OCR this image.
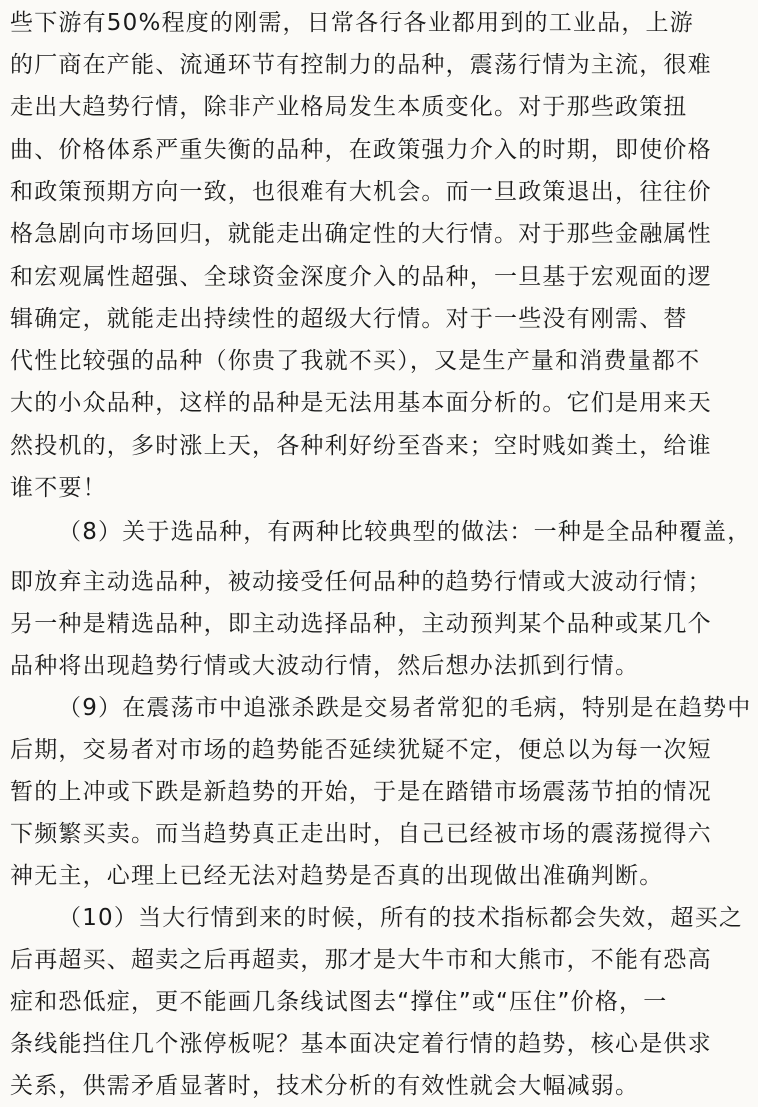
些下游有50%程度的刚需，日常各行各业都用到的工业品，上游
的厂商在产能、流通环节有控制力的品种，震荡行情为主流，很难
走出大趋势行情，除非产业格局发生本质变化。对于那些政策扭
曲、价格体系严重失衡的品种，在政策强力介入的时期，即使价格
和政策预期方向一致，也很难有大机会。而一旦政策退出，往往价
格急剧向市场回归，就能走出确定性的大行情。对于那些金融属性
和宏观属性超强、全球资金深度介入的品种，一旦基于宏观面的逻
辑确定，就能走出持续性的超级大行情。对于一些没有刚需、替
代性比较强的品种（你贵了我就不买），又是生产量和消费量都不
大的小众品种，这样的品种是无法用基本面分析的。它们是用来天
然投机的，多时涨上天，各种利好纷至沓来；空时贱如粪土，给谁
谁不要！
（8）关于选品种，有两种比较典型的做法：一种是全品种覆盖，
即放弃主动选品种，被动接受任何品种的趋势行情或大波动行情；
另一种是精选品种，即主动选择品种，主动预判某个品种或某几个
品种将出现趋势行情或大波动行情，然后想办法抓到行情。
（9）在震荡市中追涨杀跌是交易者常犯的毛病，特别是在趋势中
后期，交易者对市场的趋势能否延续犹疑不定，便总以为每一次短
暂的上冲或下跌是新趋势的开始，于是在踏错市场震荡节拍的情况
下频繁买卖。而当趋势真正走出时，自己已经被市场的震荡搅得六
神无主，心理上已经无法对趋势是否真的出现做出准确判断。
（10）当大行情到来的时候，所有的技术指标都会失效，超买之
后再超买、超卖之后再超卖，那才是大牛市和大熊市，不能有恐高
症和恐低症，更不能画几条线试图去“撑住”或“压住”价格，一
条线能挡住几个涨停板呢？基本面决定着行情的趋势，核心是供求
关系，供需矛盾显著时，技术分析的有效性就会大幅减弱。
